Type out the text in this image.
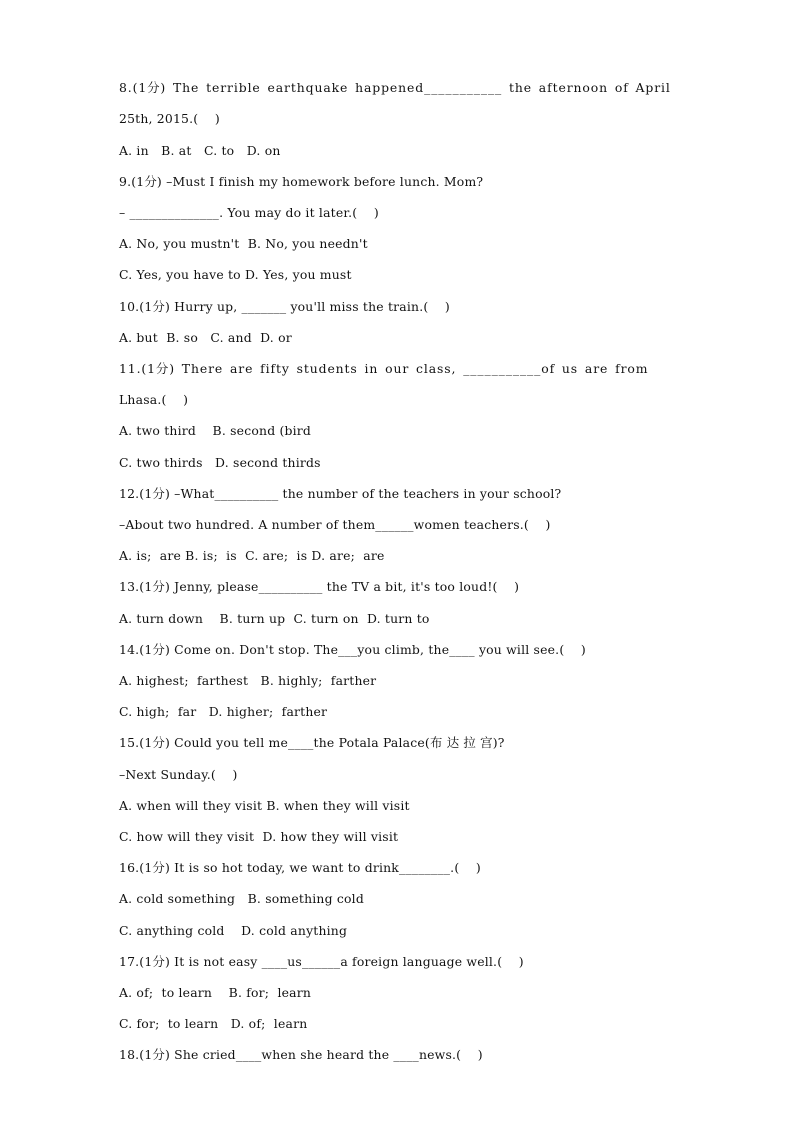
8.(1分) The terrible earthquake happened___________ the afternoon of April
25th, 2015.(    )
A. in   B. at   C. to   D. on
9.(1分) –Must I finish my homework before lunch. Mom?
– ______________. You may do it later.(    )
A. No, you mustn't  B. No, you needn't
C. Yes, you have to D. Yes, you must
10.(1分) Hurry up, _______ you'll miss the train.(    )
A. but  B. so   C. and  D. or
11.(1分) There are fifty students in our class, ___________of us are from
Lhasa.(    )
A. two third    B. second (bird
C. two thirds   D. second thirds
12.(1分) –What__________ the number of the teachers in your school?
–About two hundred. A number of them______women teachers.(    )
A. is;  are B. is;  is  C. are;  is D. are;  are
13.(1分) Jenny, please__________ the TV a bit, it's too loud!(    )
A. turn down    B. turn up  C. turn on  D. turn to
14.(1分) Come on. Don't stop. The___you climb, the____ you will see.(    )
A. highest;  farthest   B. highly;  farther
C. high;  far   D. higher;  farther
15.(1分) Could you tell me____the Potala Palace(布 达 拉 宫)?
–Next Sunday.(    )
A. when will they visit B. when they will visit
C. how will they visit  D. how they will visit
16.(1分) It is so hot today, we want to drink________.(    )
A. cold something   B. something cold
C. anything cold    D. cold anything
17.(1分) It is not easy ____us______a foreign language well.(    )
A. of;  to learn    B. for;  learn
C. for;  to learn   D. of;  learn
18.(1分) She cried____when she heard the ____news.(    )
